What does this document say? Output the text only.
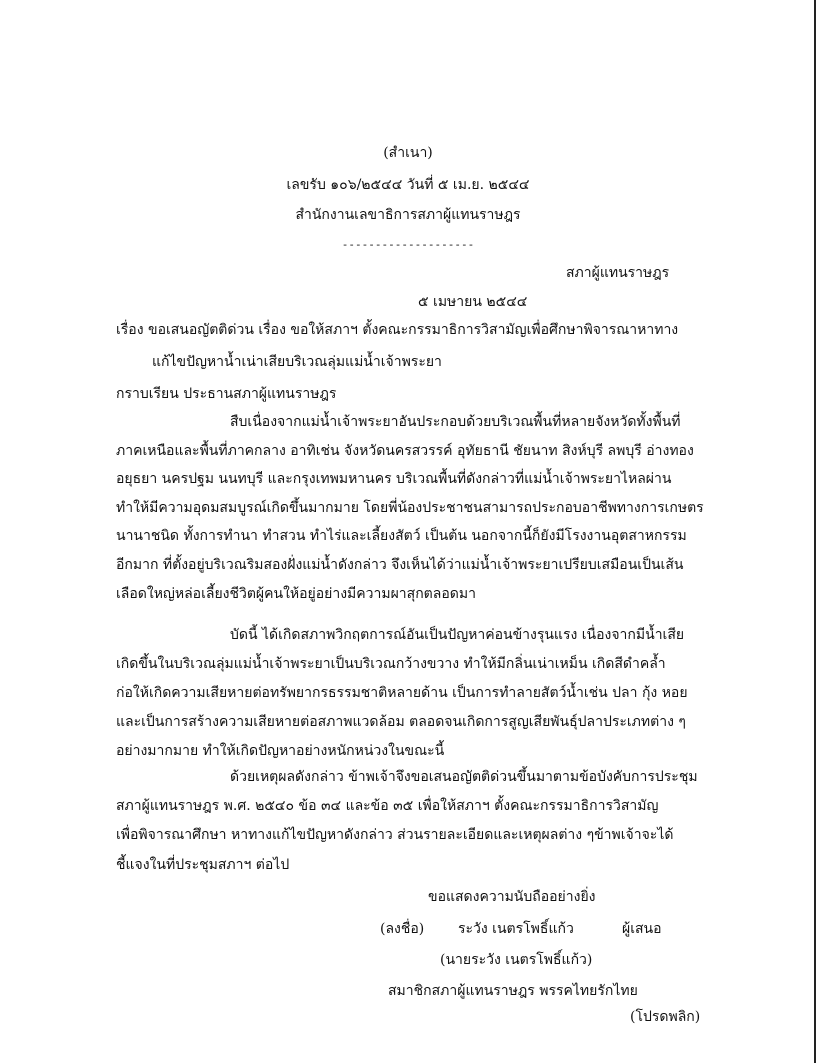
(สำเนา)
เลขรับ ๑๐๖/๒๕๔๔ วันที่ ๕ เม.ย. ๒๕๔๔
สำนักงานเลขาธิการสภาผู้แทนราษฎร
--------------------
สภาผู้แทนราษฎร
๕ เมษายน ๒๕๔๔
เรื่อง ขอเสนอญัตติด่วน เรื่อง ขอให้สภาฯ ตั้งคณะกรรมาธิการวิสามัญเพื่อศึกษาพิจารณาหาทาง
แก้ไขปัญหาน้ำเน่าเสียบริเวณลุ่มแม่น้ำเจ้าพระยา
กราบเรียน ประธานสภาผู้แทนราษฎร
สืบเนื่องจากแม่น้ำเจ้าพระยาอันประกอบด้วยบริเวณพื้นที่หลายจังหวัดทั้งพื้นที่
ภาคเหนือและพื้นที่ภาคกลาง อาทิเช่น จังหวัดนครสวรรค์ อุทัยธานี ชัยนาท สิงห์บุรี ลพบุรี อ่างทอง
อยุธยา นครปฐม นนทบุรี และกรุงเทพมหานคร บริเวณพื้นที่ดังกล่าวที่แม่น้ำเจ้าพระยาไหลผ่าน
ทำให้มีความอุดมสมบูรณ์เกิดขึ้นมากมาย โดยพี่น้องประชาชนสามารถประกอบอาชีพทางการเกษตร
นานาชนิด ทั้งการทำนา ทำสวน ทำไร่และเลี้ยงสัตว์ เป็นต้น นอกจากนี้ก็ยังมีโรงงานอุตสาหกรรม
อีกมาก ที่ตั้งอยู่บริเวณริมสองฝั่งแม่น้ำดังกล่าว จึงเห็นได้ว่าแม่น้ำเจ้าพระยาเปรียบเสมือนเป็นเส้น
เลือดใหญ่หล่อเลี้ยงชีวิตผู้คนให้อยู่อย่างมีความผาสุกตลอดมา
บัดนี้ ได้เกิดสภาพวิกฤตการณ์อันเป็นปัญหาค่อนข้างรุนแรง เนื่องจากมีน้ำเสีย
เกิดขึ้นในบริเวณลุ่มแม่น้ำเจ้าพระยาเป็นบริเวณกว้างขวาง ทำให้มีกลิ่นเน่าเหม็น เกิดสีดำคล้ำ
ก่อให้เกิดความเสียหายต่อทรัพยากรธรรมชาติหลายด้าน เป็นการทำลายสัตว์น้ำเช่น ปลา กุ้ง หอย
และเป็นการสร้างความเสียหายต่อสภาพแวดล้อม ตลอดจนเกิดการสูญเสียพันธุ์ปลาประเภทต่าง ๆ
อย่างมากมาย ทำให้เกิดปัญหาอย่างหนักหน่วงในขณะนี้
ด้วยเหตุผลดังกล่าว ข้าพเจ้าจึงขอเสนอญัตติด่วนขึ้นมาตามข้อบังคับการประชุม
สภาผู้แทนราษฎร พ.ศ. ๒๕๔๐ ข้อ ๓๔ และข้อ ๓๕ เพื่อให้สภาฯ ตั้งคณะกรรมาธิการวิสามัญ
เพื่อพิจารณาศึกษา หาทางแก้ไขปัญหาดังกล่าว ส่วนรายละเอียดและเหตุผลต่าง ๆข้าพเจ้าจะได้
ชี้แจงในที่ประชุมสภาฯ ต่อไป
ขอแสดงความนับถืออย่างยิ่ง
(ลงชื่อ) ระวัง เนตรโพธิ์แก้ว	ผู้เสนอ
(นายระวัง เนตรโพธิ์แก้ว)
สมาชิกสภาผู้แทนราษฎร พรรคไทยรักไทย
(โปรดพลิก)
